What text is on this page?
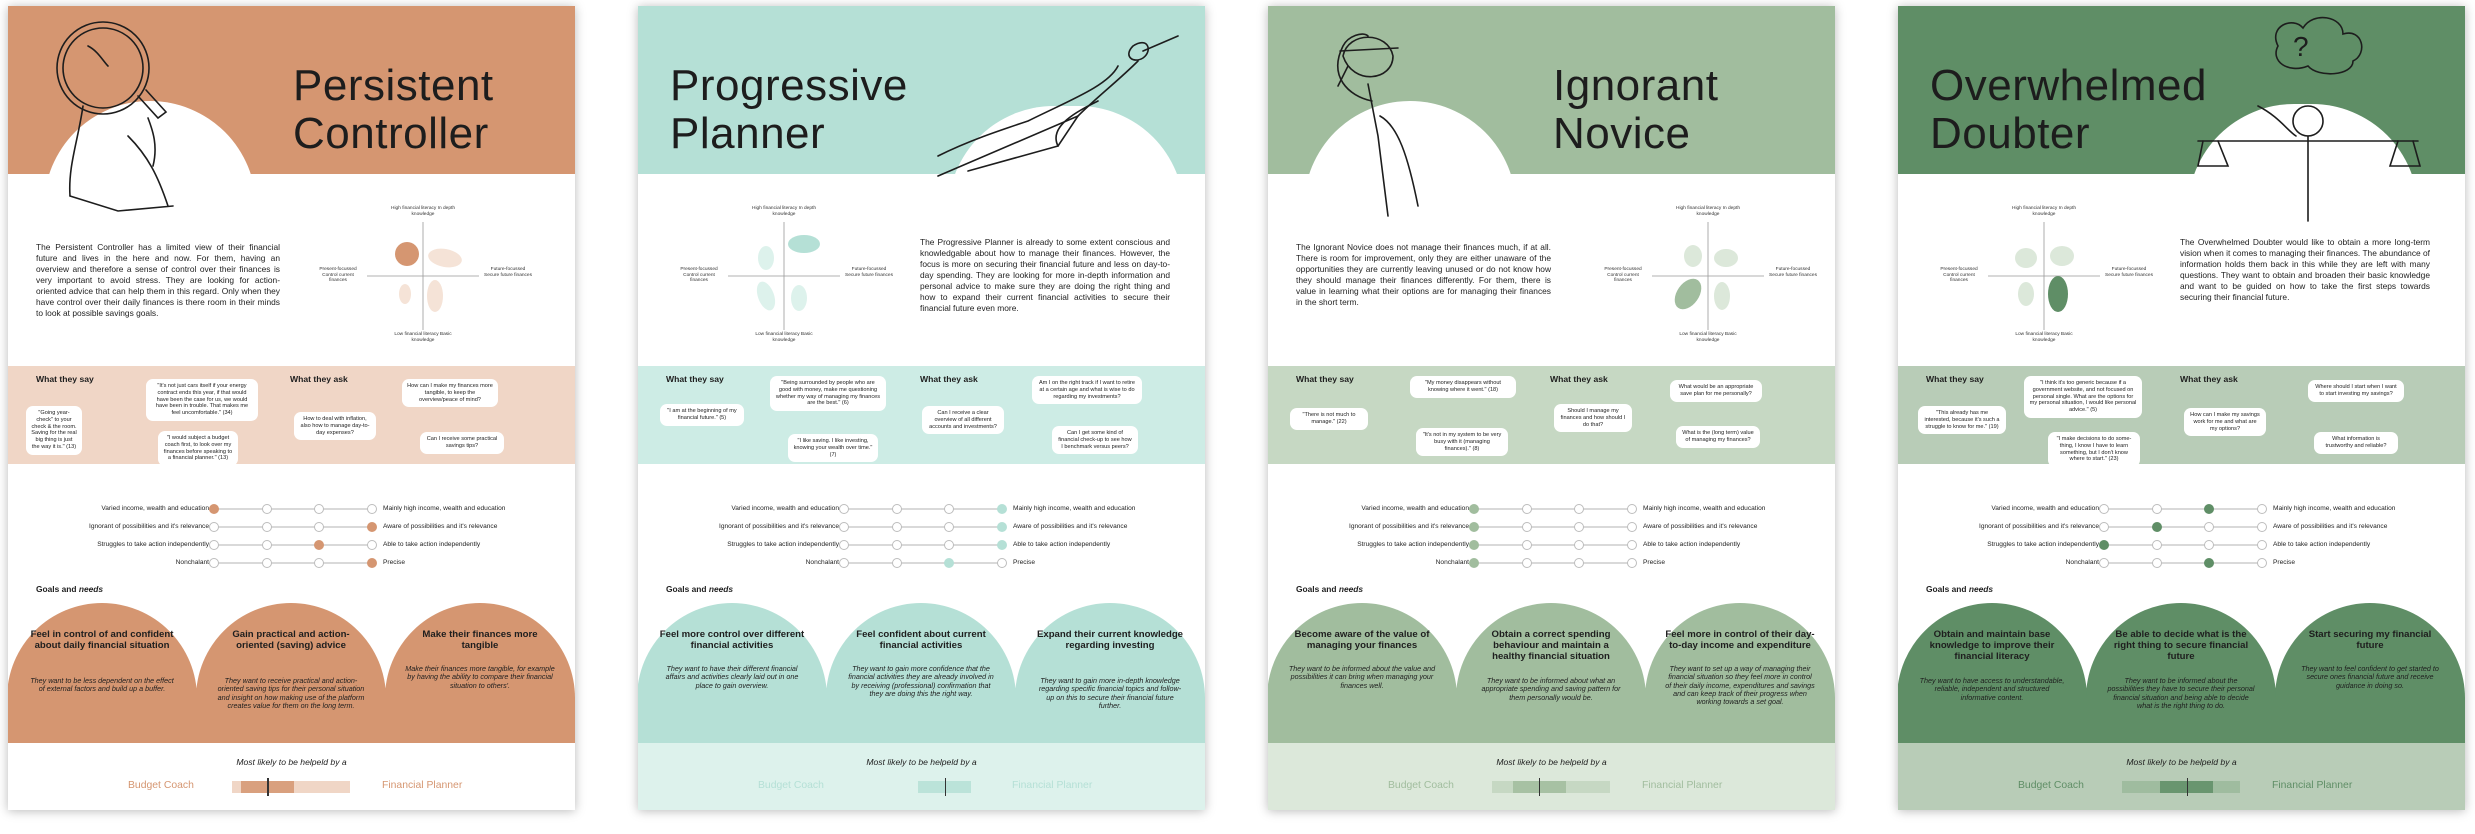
Persistent
Controller
The Persistent Controller has a limited view of their financial future and lives in the here and now. For them, having an overview and therefore a sense of control over their finances is very important to avoid stress. They are looking for action-oriented advice that can help them in this regard. Only when they have control over their daily finances is there room in their minds to look at possible savings goals.
High financial literacy In depth knowledge
Low financial literacy Basic knowledge
Present-focussed Control current finances
Future-focussed Secure future finances
What they say	What they ask
"Going year-check" to your check & the room. Saving for the real big thing is just the way it is." (13)
"It's not just cars itself if your energy contract ends this year, if that would have been the case for us, we would have been in trouble. That makes me feel uncomfortable." (34)
"I would subject a budget coach first, to look over my finances before speaking to a financial planner." (13)
How to deal with inflation, also how to manage day-to-day expenses?
How can I make my finances more tangible, to keep the overview/peace of mind?
Can I receive some practical savings tips?
Varied income, wealth and education	Mainly high income, wealth and education
Ignorant of possibilities and it's relevance	Aware of possibilities and it's relevance
Struggles to take action independently	Able to take action independently
Nonchalant	Precise
Goals and needs
Feel in control of and confident about daily financial situation
They want to be less dependent on the effect of external factors and build up a buffer.
Gain practical and action-oriented (saving) advice
They want to receive practical and action-oriented saving tips for their personal situation and insight on how making use of the platform creates value for them on the long term.
Make their finances more tangible
Make their finances more tangible, for example by having the ability to compare their financial situation to others'.
Most likely to be helpeld by a
Budget Coach	Financial Planner
Progressive
Planner
The Progressive Planner is already to some extent conscious and knowledgable about how to manage their finances. However, the focus is more on securing their financial future and less on day-to-day spending. They are looking for more in-depth information and personal advice to make sure they are doing the right thing and how to expand their current financial activities to secure their financial future even more.
High financial literacy In depth knowledge
Low financial literacy Basic knowledge
Present-focussed Control current finances
Future-focussed Secure future finances
What they say	What they ask
"I am at the beginning of my financial future." (5)
"Being surrounded by people who are good with money, make me questioning whether my way of managing my finances are the best." (6)
"I like saving. I like investing, knowing your wealth over time." (7)
Can I receive a clear overview of all different accounts and investments?
Am I on the right track if I want to retire at a certain age and what is wise to do regarding my investments?
Can I get some kind of financial check-up to see how I benchmark versus peers?
Varied income, wealth and education	Mainly high income, wealth and education
Ignorant of possibilities and it's relevance	Aware of possibilities and it's relevance
Struggles to take action independently	Able to take action independently
Nonchalant	Precise
Goals and needs
Feel more control over different financial activities
They want to have their different financial affairs and activities clearly laid out in one place to gain overview.
Feel confident about current financial activities
They want to gain more confidence that the financial activities they are already involved in by receiving (professional) confirmation that they are doing this the right way.
Expand their current knowledge regarding investing
They want to gain more in-depth knowledge regarding specific financial topics and follow-up on this to secure their financial future further.
Most likely to be helpeld by a
Budget Coach	Financial Planner
Ignorant
Novice
The Ignorant Novice does not manage their finances much, if at all. There is room for improvement, only they are either unaware of the opportunities they are currently leaving unused or do not know how they should manage their finances differently. For them, there is value in learning what their options are for managing their finances in the short term.
High financial literacy In depth knowledge
Low financial literacy Basic knowledge
Present-focussed Control current finances
Future-focussed Secure future finances
What they say	What they ask
"There is not much to manage." (22)
"My money disappears without knowing where it went." (18)
"It's not in my system to be very busy with it (managing finances)." (8)
Should I manage my finances and how should I do that?
What would be an appropriate save plan for me personally?
What is the (long term) value of managing my finances?
Varied income, wealth and education	Mainly high income, wealth and education
Ignorant of possibilities and it's relevance	Aware of possibilities and it's relevance
Struggles to take action independently	Able to take action independently
Nonchalant	Precise
Goals and needs
Become aware of the value of managing your finances
They want to be informed about the value and possibilities it can bring when managing your finances well.
Obtain a correct spending behaviour and maintain a healthy financial situation
They want to be informed about what an appropriate spending and saving pattern for them personally would be.
Feel more in control of their day-to-day income and expenditure
They want to set up a way of managing their financial situation so they feel more in control of their daily income, expenditures and savings and can keep track of their progress when working towards a set goal.
Most likely to be helpeld by a
Budget Coach	Financial Planner
?
Overwhelmed
Doubter
The Overwhelmed Doubter would like to obtain a more long-term vision when it comes to managing their finances. The abundance of information holds them back in this while they are left with many questions. They want to obtain and broaden their basic knowledge and want to be guided on how to take the first steps towards securing their financial future.
High financial literacy In depth knowledge
Low financial literacy Basic knowledge
Present-focussed Control current finances
Future-focussed Secure future finances
What they say	What they ask
"This already has me interested, because it's such a struggle to know for me." (19)
"I think it's too generic because if a government website, and not focused on personal single. What are the options for my personal situation, I would like personal advice." (5)
"I make decisions to do some-thing, I know I have to learn something, but I don't know where to start." (23)
How can I make my savings work for me and what are my options?
Where should I start when I want to start investing my savings?
What information is trustworthy and reliable?
Varied income, wealth and education	Mainly high income, wealth and education
Ignorant of possibilities and it's relevance	Aware of possibilities and it's relevance
Struggles to take action independently	Able to take action independently
Nonchalant	Precise
Goals and needs
Obtain and maintain base knowledge to improve their financial literacy
They want to have access to understandable, reliable, independent and structured informative content.
Be able to decide what is the right thing to secure financial future
They want to be informed about the possibilities they have to secure their personal financial situation and being able to decide what is the right thing to do.
Start securing my financial future
They want to feel confident to get started to secure ones financial future and receive guidance in doing so.
Most likely to be helpeld by a
Budget Coach	Financial Planner
